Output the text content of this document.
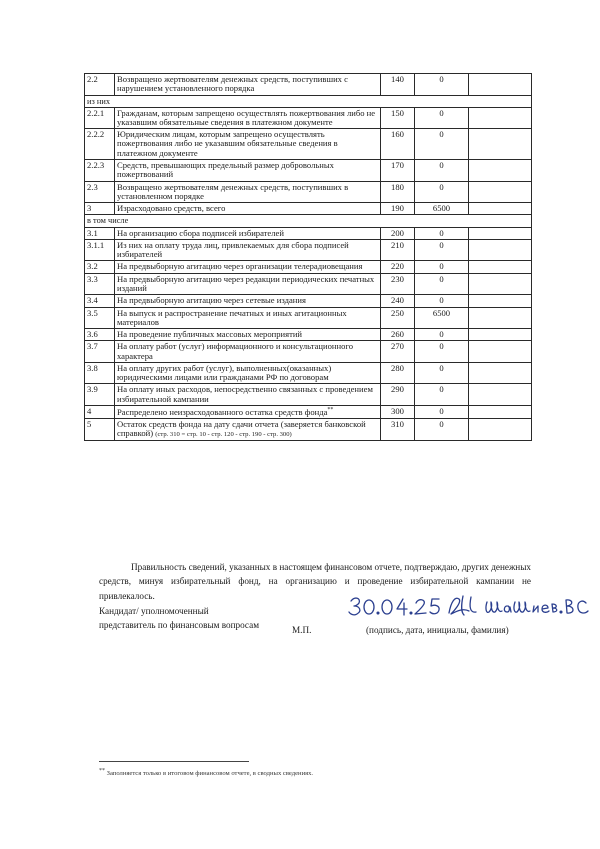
2.2	Возвращено жертвователям денежных средств, поступивших с нарушением установленного порядка	140	0	
из них				
2.2.1	Гражданам, которым запрещено осуществлять пожертвования либо не указавшим обязательные сведения в платежном документе	150	0	
2.2.2	Юридическим лицам, которым запрещено осуществлять пожертвования либо не указавшим обязательные сведения в платежном документе	160	0	
2.2.3	Средств, превышающих предельный размер добровольных пожертвований	170	0	
2.3	Возвращено жертвователям денежных средств, поступивших в установленном порядке	180	0	
3	Израсходовано средств, всего	190	6500	
в том числе				
3.1	На организацию сбора подписей избирателей	200	0	
3.1.1	Из них на оплату труда лиц, привлекаемых для сбора подписей избирателей	210	0	
3.2	На предвыборную агитацию через организации телерадиовещания	220	0	
3.3	На предвыборную агитацию через редакции периодических печатных изданий	230	0	
3.4	На предвыборную агитацию через сетевые издания	240	0	
3.5	На выпуск и распространение печатных и иных агитационных материалов	250	6500	
3.6	На проведение публичных массовых мероприятий	260	0	
3.7	На оплату работ (услуг) информационного и консультационного характера	270	0	
3.8	На оплату других работ (услуг), выполненных(оказанных) юридическими лицами или гражданами РФ по договорам	280	0	
3.9	На оплату иных расходов, непосредственно связанных с проведением избирательной кампании	290	0	
4	Распределено неизрасходованного остатка средств фонда**	300	0	
5	Остаток средств фонда на дату сдачи отчета (заверяется банковской справкой) (стр. 310 = стр. 10 - стр. 120 - стр. 190 - стр. 300)	310	0	

Правильность сведений, указанных в настоящем финансовом отчете, подтверждаю, других денежных средств, минуя избирательный фонд, на организацию и проведение избирательной кампании не привлекалось.

Кандидат/ уполномоченный
представитель по финансовым вопросам
М.П.	(подпись, дата, инициалы, фамилия)
** Заполняется только в итоговом финансовом отчете, в сводных сведениях.
